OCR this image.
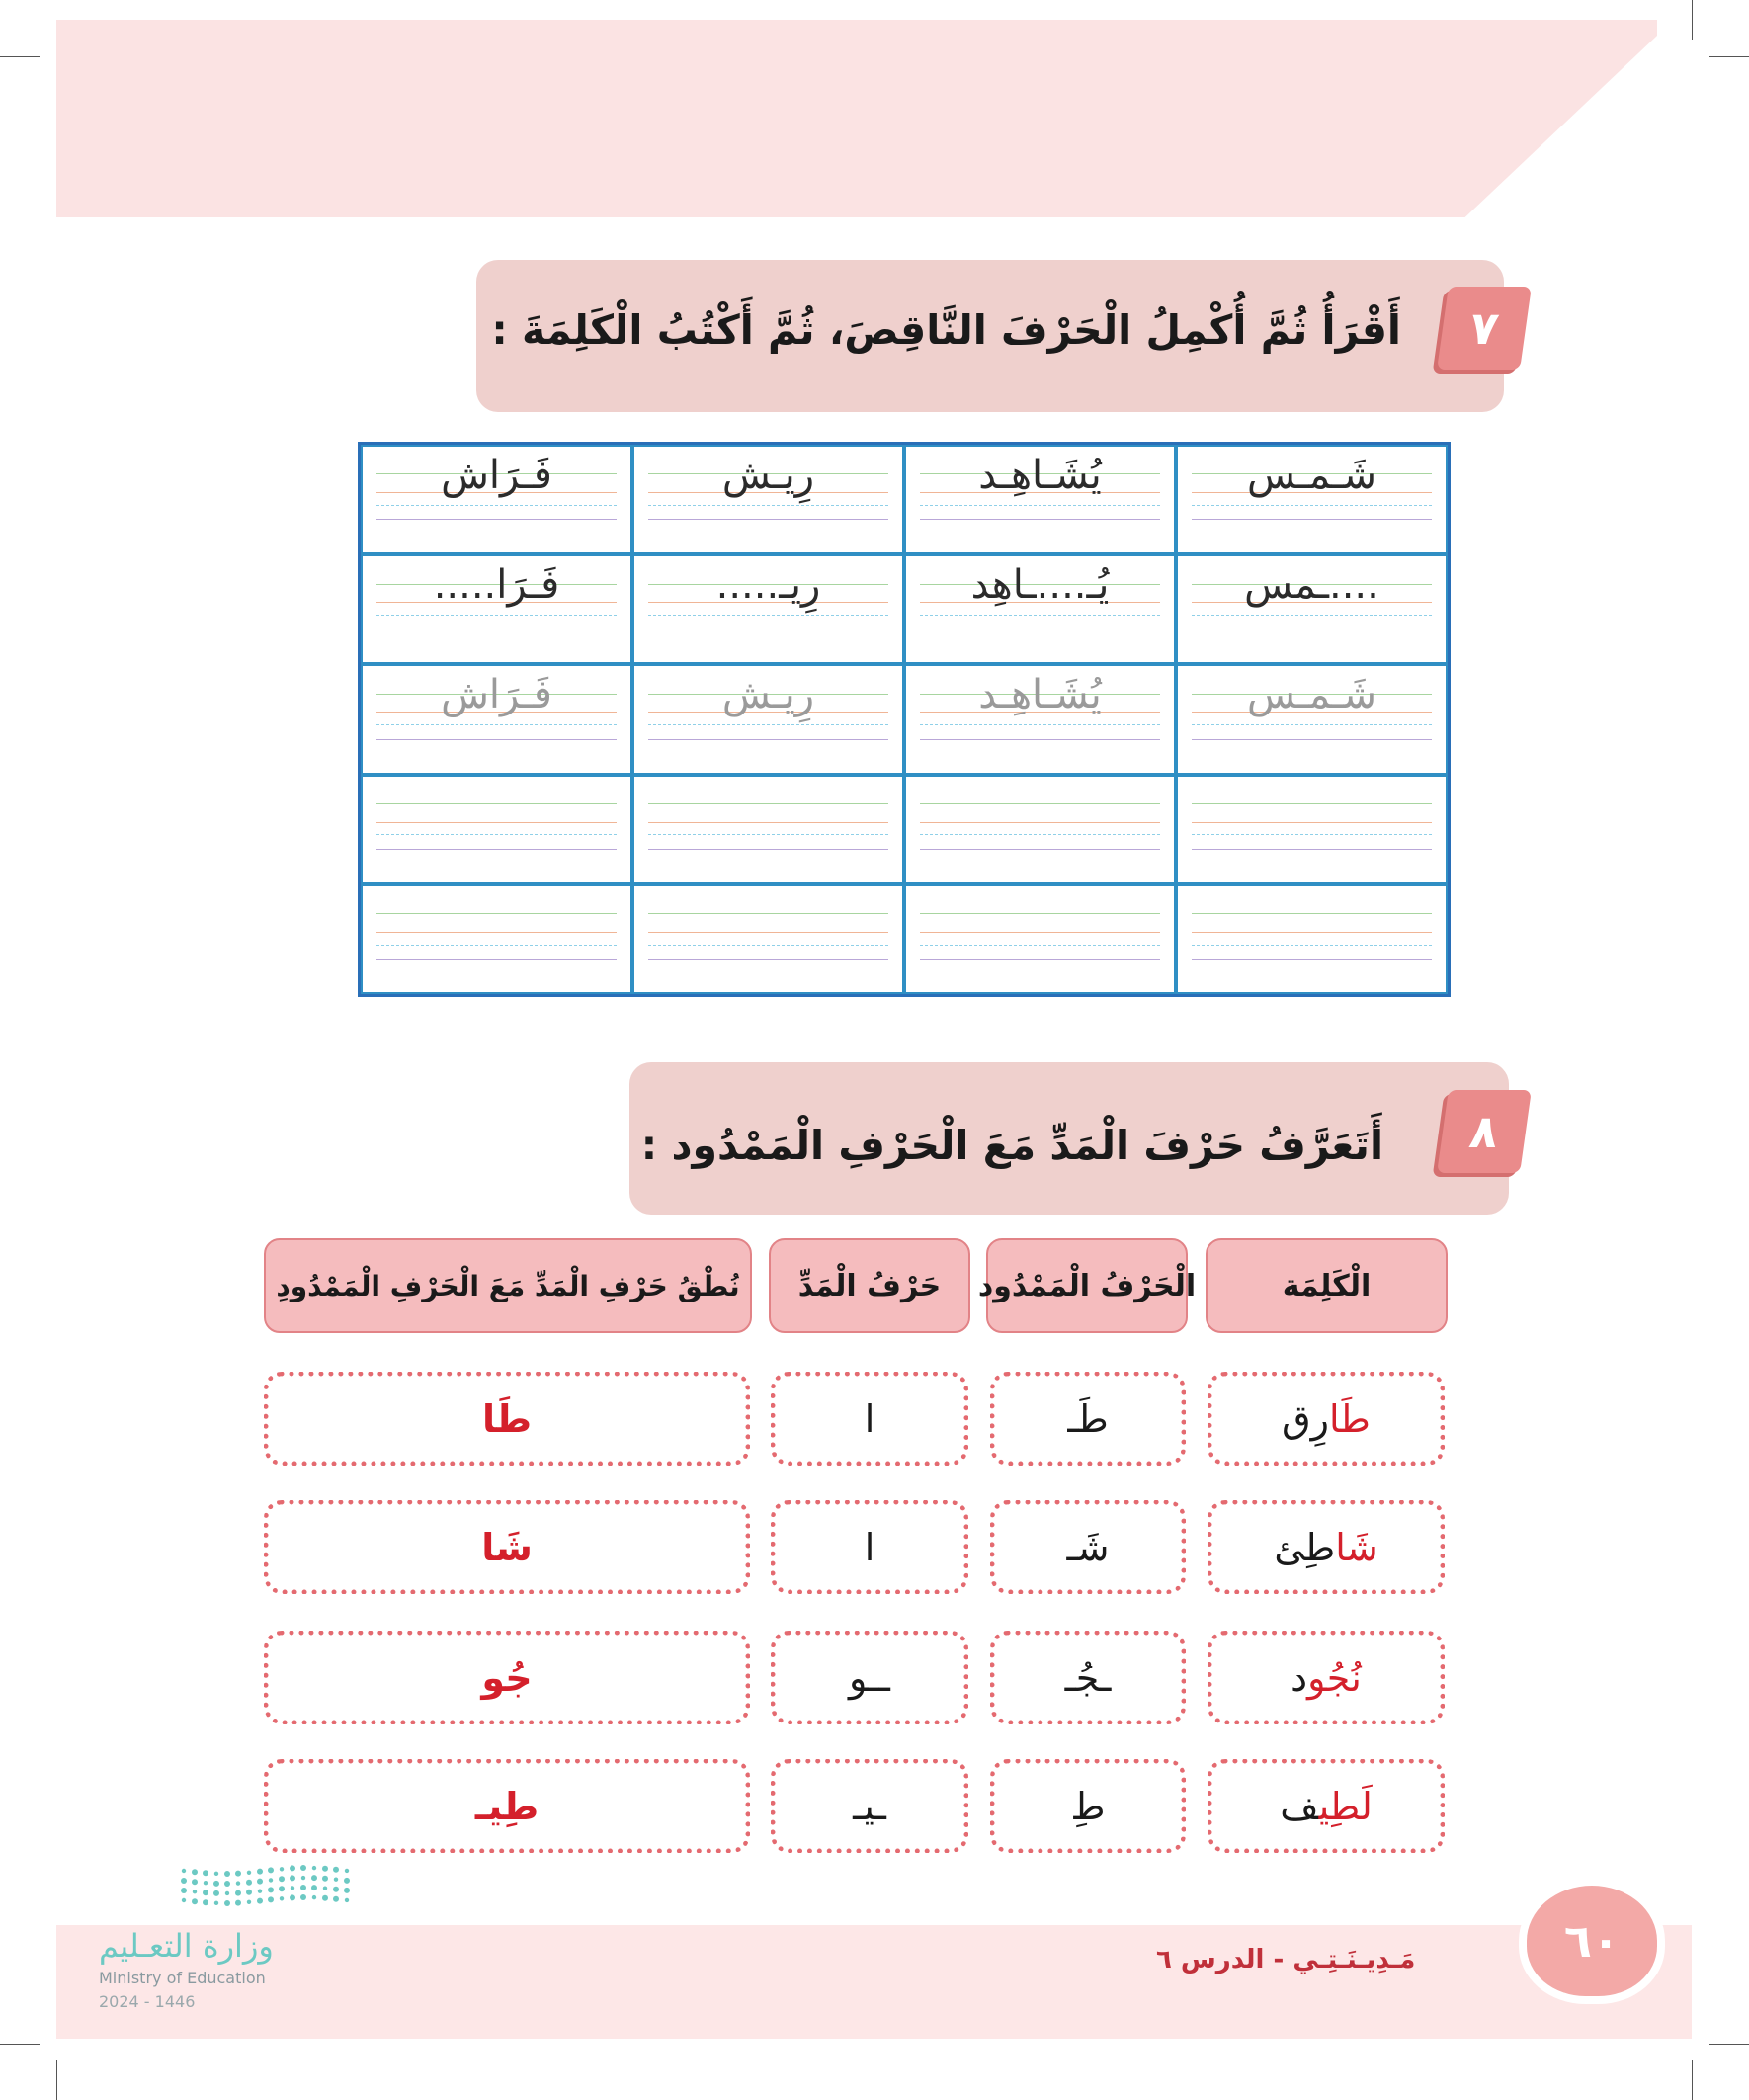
٧
أَقْرَأُ ثُمَّ أُكْمِلُ الْحَرْفَ النَّاقِصَ، ثُمَّ أَكْتُبُ الْكَلِمَةَ :
شَـمـس
يُشَـاهِـد
رِيـش
فَـرَاش
....ـمس
يُـ....ـاهِد
رِيـ.....
فَـرَا.....
شَـمـس
يُشَـاهِـد
رِيـش
فَـرَاش
٨
أَتَعَرَّفُ حَرْفَ الْمَدِّ مَعَ الْحَرْفِ الْمَمْدُود :
الْكَلِمَة
الْحَرْفُ الْمَمْدُود
حَرْفُ الْمَدِّ
نُطْقُ حَرْفِ الْمَدِّ مَعَ الْحَرْفِ الْمَمْدُودِ
طَارِق
طَـ
ا
طَا
شَاطِئ
شَـ
ا
شَا
نُجُود
ـجُـ
ــو
جُو
لَطِيف
طِ
ـيـ
طِيـ
مَـدِيـنَـتِـي - الدرس ٦	٦٠
وزارة التعـليم
Ministry of Education
2024 - 1446
